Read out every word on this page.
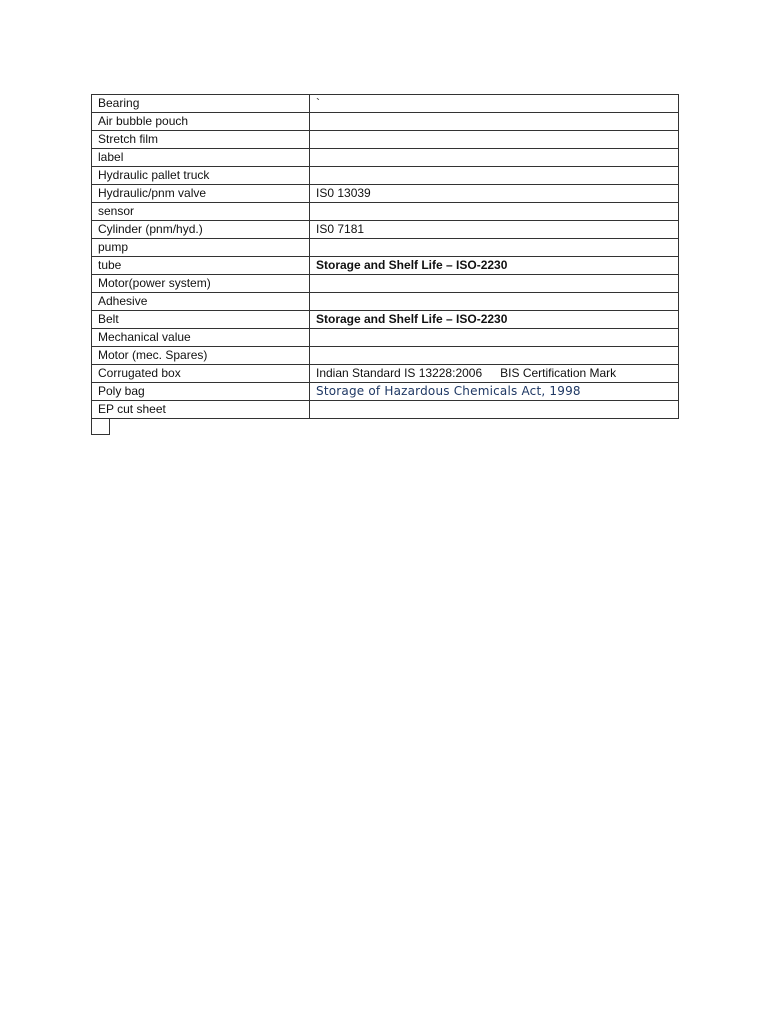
Bearing	`
Air bubble pouch	
Stretch film	
label	
Hydraulic pallet truck	
Hydraulic/pnm valve	IS0 13039
sensor	
Cylinder (pnm/hyd.)	IS0 7181
pump	
tube	Storage and Shelf Life – ISO-2230
Motor(power system)	
Adhesive	
Belt	Storage and Shelf Life – ISO-2230
Mechanical value	
Motor (mec. Spares)	
Corrugated box	Indian Standard IS 13228:2006 BIS Certification Mark
Poly bag	Storage of Hazardous Chemicals Act, 1998
EP cut sheet	
